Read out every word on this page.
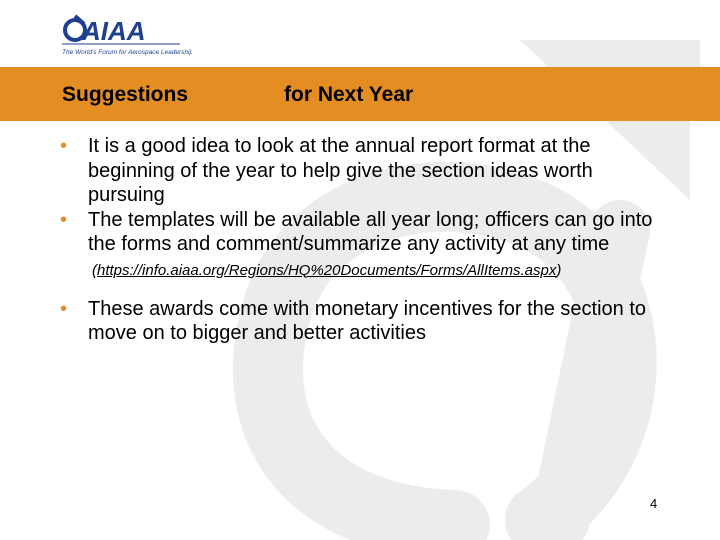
AIAA
The World's Forum for Aerospace Leadership
Suggestions	for Next Year
• It is a good idea to look at the annual report format at the beginning of the year to help give the section ideas worth pursuing
• The templates will be available all year long; officers can go into the forms and comment/summarize any activity at any time
(https://info.aiaa.org/Regions/HQ%20Documents/Forms/AllItems.aspx)
• These awards come with monetary incentives for the section to move on to bigger and better activities
4
